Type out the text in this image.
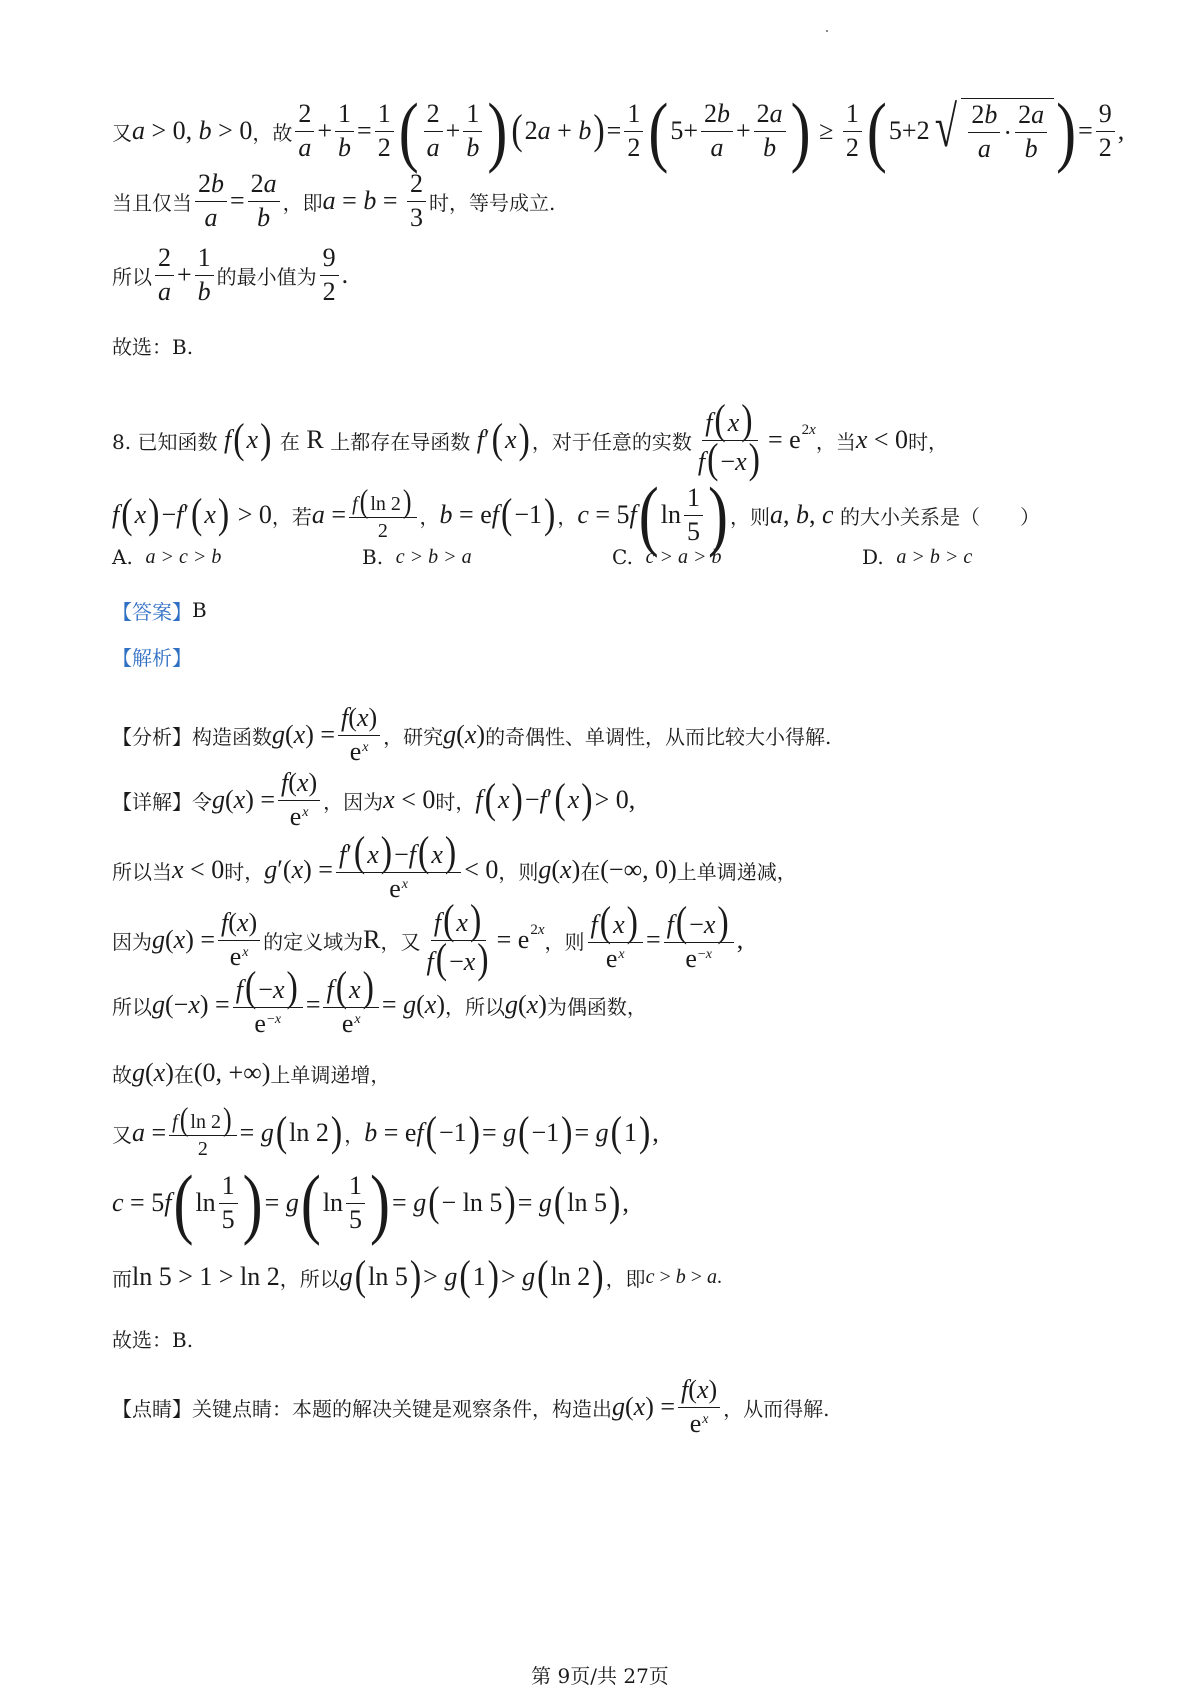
又 a > 0, b > 0 ，故 $\frac{2}{a} + \frac{1}{b} = \frac{1}{2}$ ( $\frac{2}{a} + \frac{1}{b}$ ) ( 2 a + b ) = $\frac{1}{2}$ ( $5+ \frac{2b}{a} + \frac{2a}{b}$ ) ≥ $\frac{1}{2}$ ( 5+2 √ $\frac{2b}{a} \cdot \frac{2a}{b}$ ) = $\frac{9}{2}$ ,
当且仅当 $\frac{2b}{a} = \frac{2a}{b}$ ，即 $a = b = \frac{2}{3}$ 时，等号成立.
所以 $\frac{2}{a} + \frac{1}{b}$ 的最小值为 $\frac{9}{2}$ .
故选：B.
8. 已知函数
f ( x )
在
R
上都存在导函数
f ′ ( x ) ，对于任意的实数 $\frac{f(x)}{f(-x)} = e$ 2x ，当 x < 0 时，
f ( x ) − f ′ ( x ) > 0 ，若 $a = \frac{f( \ln 2)}{2}$ ， b = e f ( −1 ) ， c = 5 f ( $\ln \frac{1}{5}$ ) ，则 a , b , c
的大小关系是（　　）
A.
a > c > b	B.
c > b > a	C.
c > a > b	D.
a > b > c
【答案】 B
【解析】
【分析】 构造函数 g ( x ) = $\frac{f(x)}{e^x}$ ，研究 g ( x ) 的奇偶性、单调性，从而比较大小得解.
【详解】 令 g ( x ) = $\frac{f(x)}{e^x}$ ，因为 x < 0 时， f ( x ) − f ′ ( x ) > 0,
所以当 x < 0 时， g ′( x ) = $\frac{f'(x)-f(x)}{e^x} < 0$ ，则 g ( x ) 在 (−∞, 0) 上单调递减，
因为 g ( x ) = $\frac{f(x)}{e^x}$ 的定义域为 R ，又 $\frac{f(x)}{f(-x)} = e$ 2x ，则 $\frac{f(x)}{e^x} = \frac{f(-x)}{e^{-x}}$ ,
所以 g (− x ) = $\frac{f(-x)}{e^{-x}} = \frac{f(x)}{e^x} = g$ ( x ) ，所以 g ( x ) 为偶函数，
故 g ( x ) 在 (0, +∞) 上单调递增，
又 $a = \frac{f( \ln 2)}{2} = g$ ( ln 2 ) ， b = e f ( −1 ) = g ( −1 ) = g ( 1 ) ,
c = 5 f ( $\ln \frac{1}{5}$ ) = g ( $\ln \frac{1}{5}$ ) = g ( − ln 5 ) = g ( ln 5 ) ,
而 ln 5 > 1 > ln 2 ，所以 g ( ln 5 ) > g ( 1 ) > g ( ln 2 ) ，即 c > b > a .
故选：B.
【点睛】 关键点睛：本题的解决关键是观察条件，构造出 g ( x ) = $\frac{f(x)}{e^x}$ ，从而得解.
第 9页/共 27页
